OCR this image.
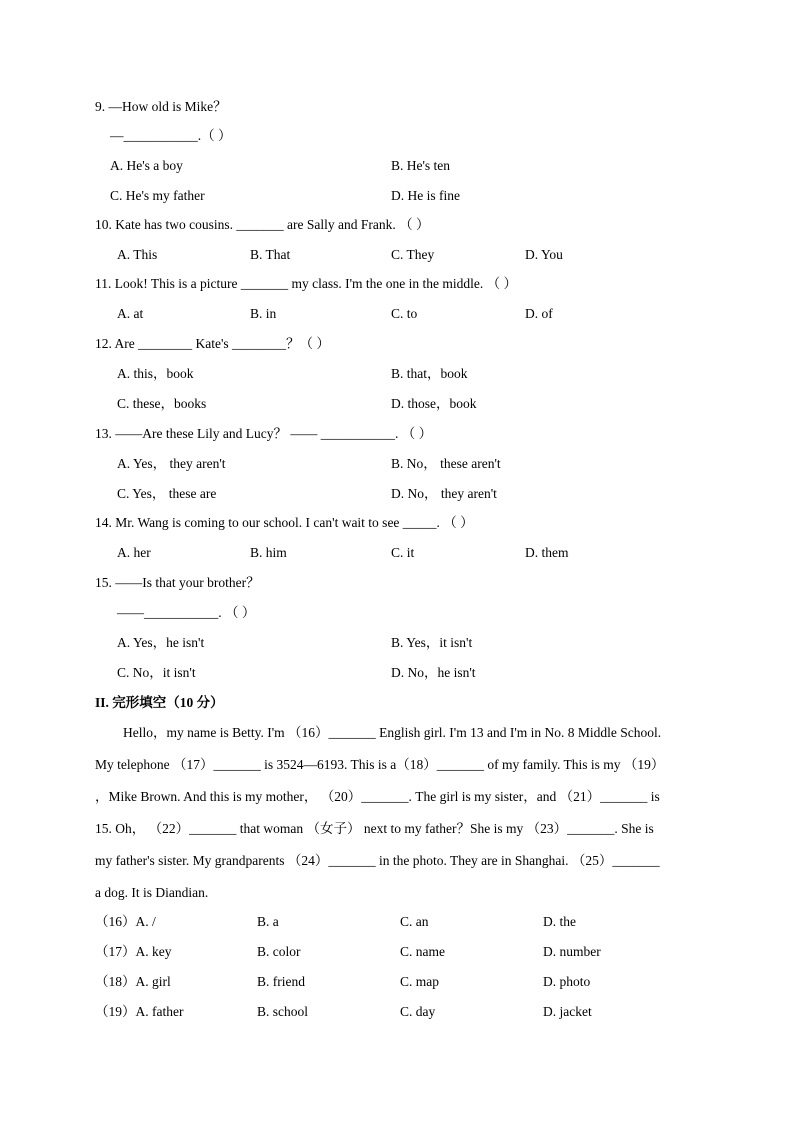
9. —How old is Mike？
—___________.（ ）
A. He's a boy	B. He's ten
C. He's my father	D. He is fine
10. Kate has two cousins. _______ are Sally and Frank. （ ）
A. This	B. That	C. They	D. You
11. Look! This is a picture _______ my class. I'm the one in the middle. （ ）
A. at	B. in	C. to	D. of
12. Are ________ Kate's ________？（ ）
A. this，book	B. that，book
C. these，books	D. those，book
13. ——Are these Lily and Lucy？ —— ___________. （ ）
A. Yes， they aren't	B. No， these aren't
C. Yes， these are	D. No， they aren't
14. Mr. Wang is coming to our school. I can't wait to see _____. （ ）
A. her	B. him	C. it	D. them
15. ——Is that your brother？
——___________. （ ）
A. Yes，he isn't	B. Yes，it isn't
C. No，it isn't	D. No，he isn't
II. 完形填空（10 分）
Hello，my name is Betty. I'm （16）_______ English girl. I'm 13 and I'm in No. 8 Middle School.
My telephone （17）_______ is 3524—6193. This is a（18）_______ of my family. This is my （19）
，Mike Brown. And this is my mother， （20）_______. The girl is my sister，and （21）_______ is
15. Oh， （22）_______ that woman （女子） next to my father？She is my （23）_______. She is
my father's sister. My grandparents （24）_______ in the photo. They are in Shanghai. （25）_______
a dog. It is Diandian.
（16）A. /	B. a	C. an	D. the
（17）A. key	B. color	C. name	D. number
（18）A. girl	B. friend	C. map	D. photo
（19）A. father	B. school	C. day	D. jacket
